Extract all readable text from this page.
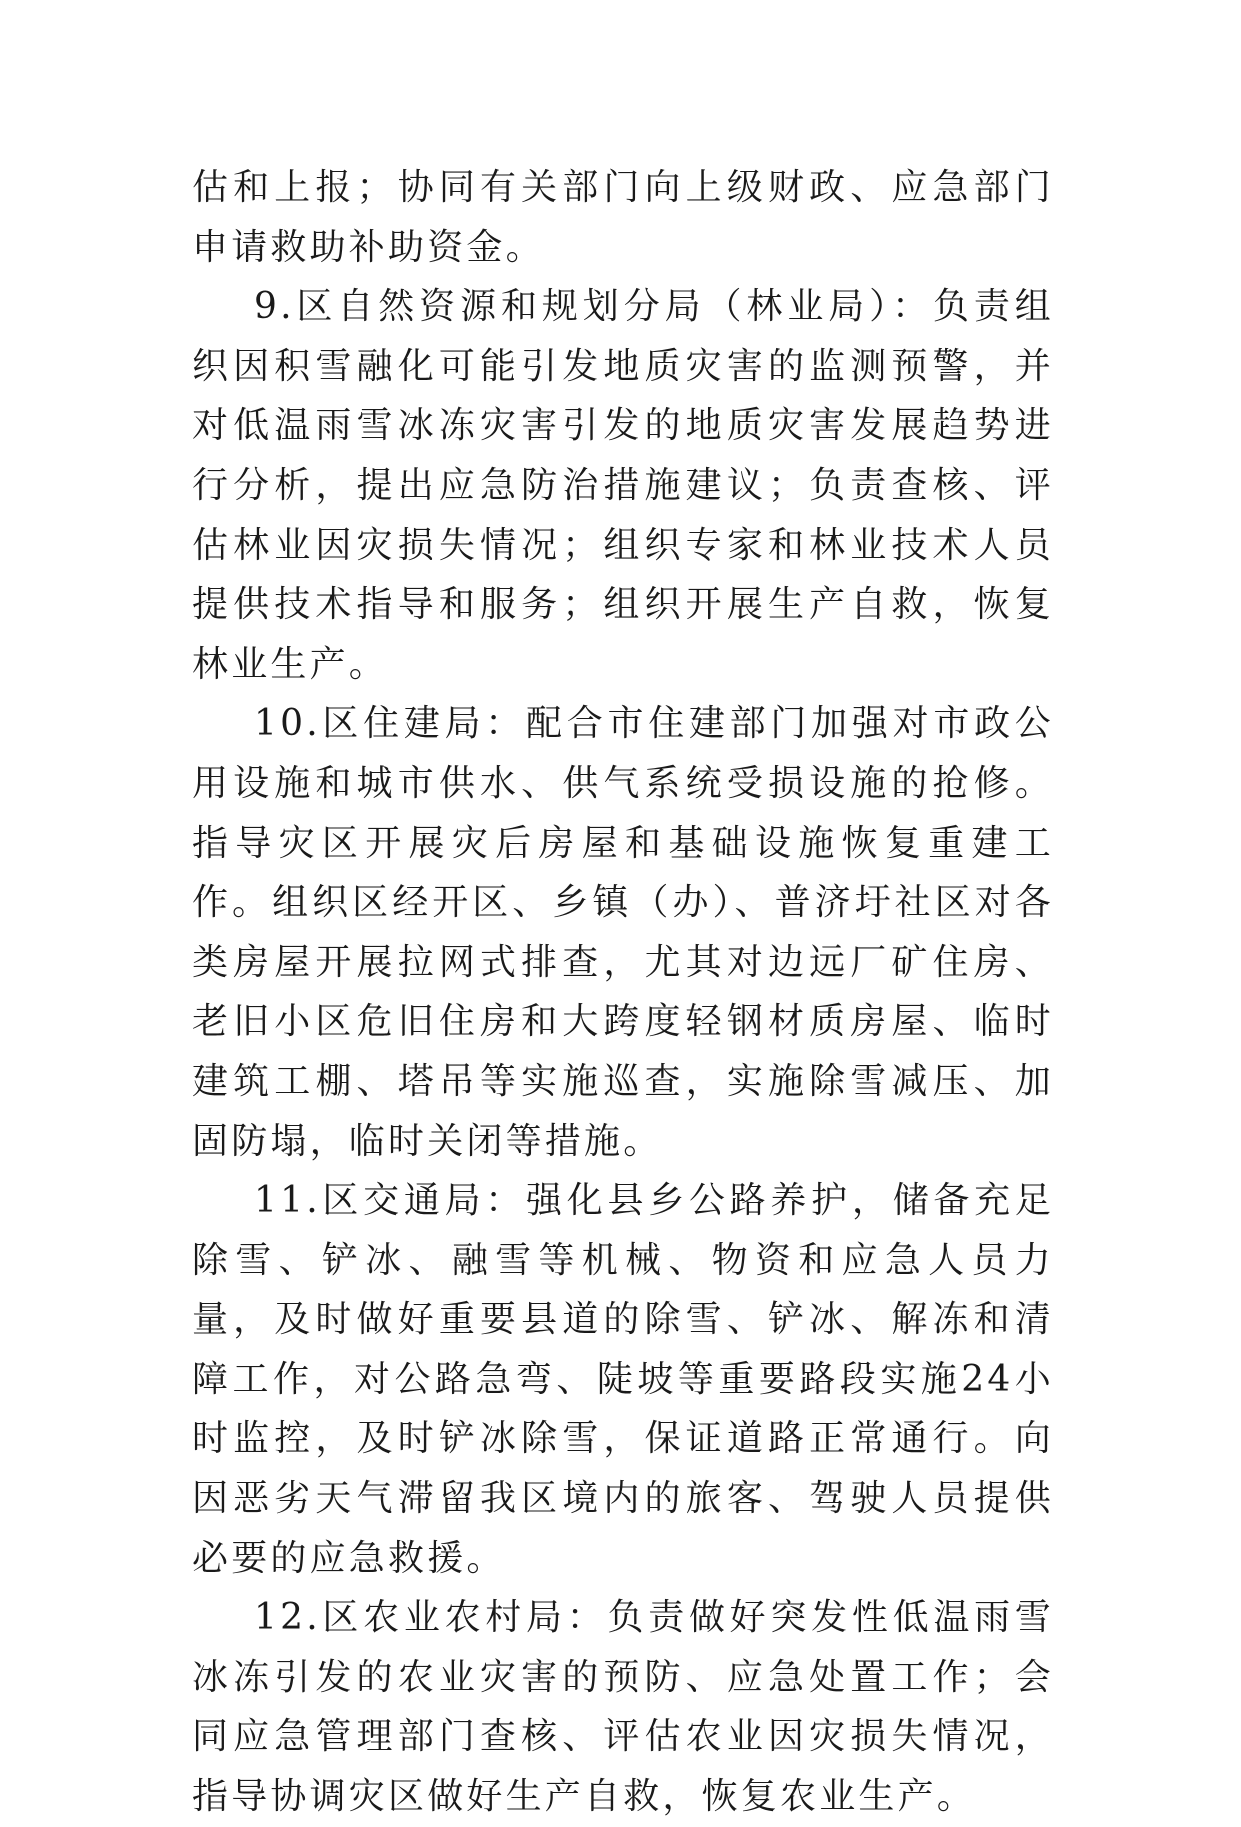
估和上报；协同有关部门向上级财政、应急部门申请救助补助资金。

9.区自然资源和规划分局（林业局）：负责组织因积雪融化可能引发地质灾害的监测预警，并对低温雨雪冰冻灾害引发的地质灾害发展趋势进行分析，提出应急防治措施建议；负责查核、评估林业因灾损失情况；组织专家和林业技术人员提供技术指导和服务；组织开展生产自救，恢复林业生产。

10.区住建局：配合市住建部门加强对市政公用设施和城市供水、供气系统受损设施的抢修。指导灾区开展灾后房屋和基础设施恢复重建工作。组织区经开区、乡镇（办）、普济圩社区对各类房屋开展拉网式排查，尤其对边远厂矿住房、老旧小区危旧住房和大跨度轻钢材质房屋、临时建筑工棚、塔吊等实施巡查，实施除雪减压、加固防塌，临时关闭等措施。

11.区交通局：强化县乡公路养护，储备充足除雪、铲冰、融雪等机械、物资和应急人员力量，及时做好重要县道的除雪、铲冰、解冻和清障工作，对公路急弯、陡坡等重要路段实施24小时监控，及时铲冰除雪，保证道路正常通行。向因恶劣天气滞留我区境内的旅客、驾驶人员提供必要的应急救援。

12.区农业农村局：负责做好突发性低温雨雪冰冻引发的农业灾害的预防、应急处置工作；会同应急管理部门查核、评估农业因灾损失情况，指导协调灾区做好生产自救，恢复农业生产。
